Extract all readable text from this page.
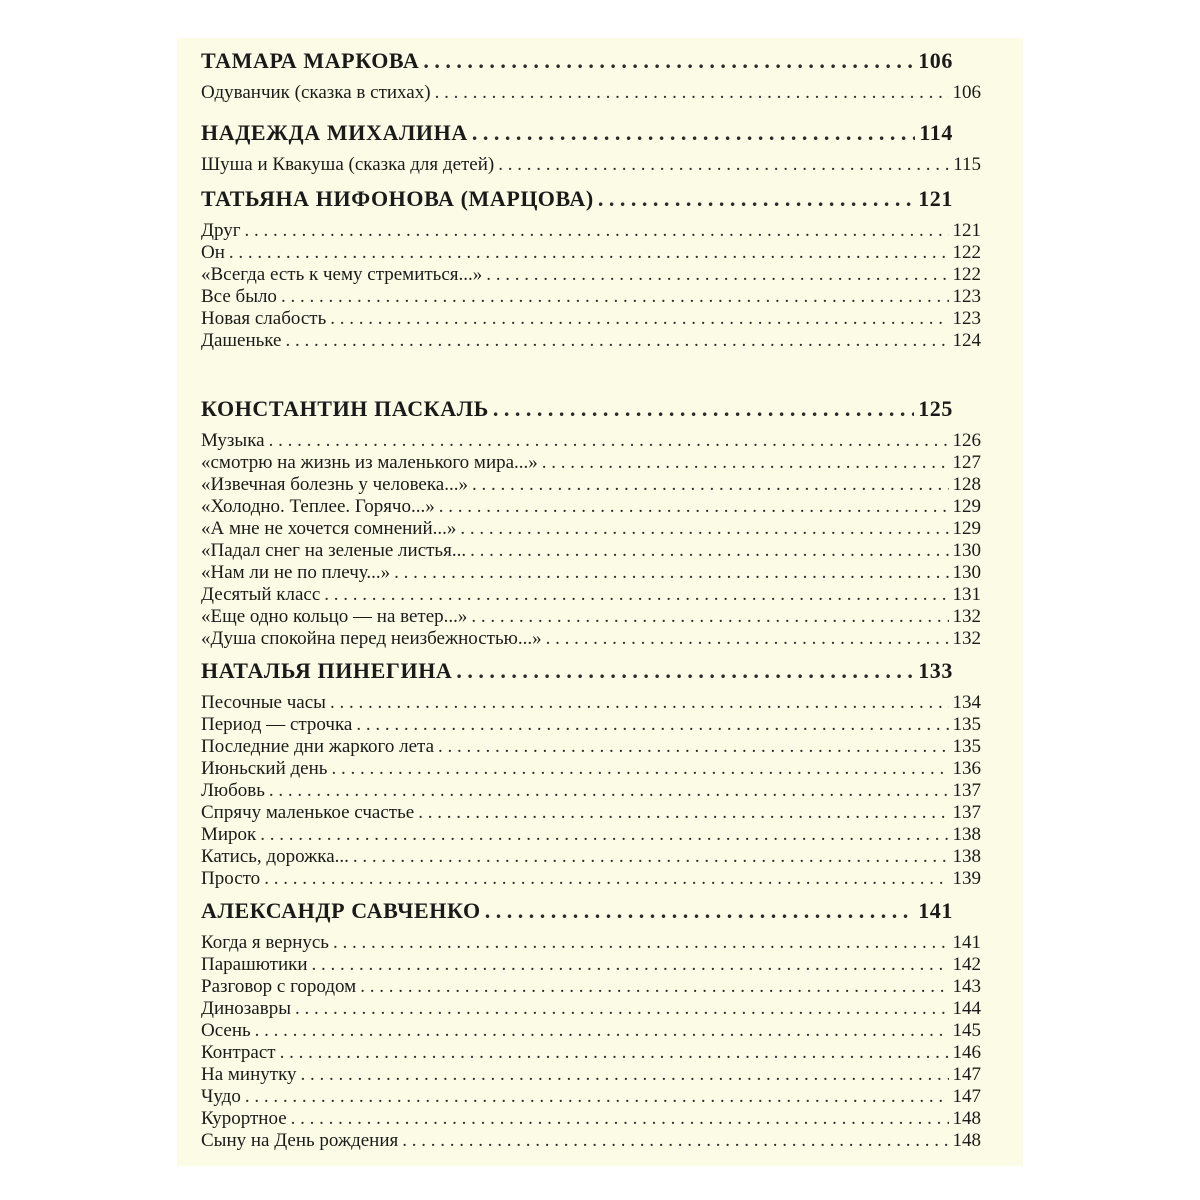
ТАМАРА МАРКОВА . . .	106
Одуванчик (сказка в стихах) . . .	106
НАДЕЖДА МИХАЛИНА . . .	114
Шуша и Квакуша (сказка для детей) . . .	115
ТАТЬЯНА НИФОНОВА (МАРЦОВА) . . .	121
Друг . . .	121
Он . . .	122
«Всегда есть к чему стремиться...» . . .	122
Все было . . .	123
Новая слабость . . .	123
Дашеньке . . .	124
КОНСТАНТИН ПАСКАЛЬ . . .	125
Музыка . . .	126
«смотрю на жизнь из маленького мира...» . . .	127
«Извечная болезнь у человека...» . . .	128
«Холодно. Теплее. Горячо...» . . .	129
«А мне не хочется сомнений...» . . .	129
«Падал снег на зеленые листья... . . .	130
«Нам ли не по плечу...» . . .	130
Десятый класс . . .	131
«Еще одно кольцо — на ветер...» . . .	132
«Душа спокойна перед неизбежностью...» . . .	132
НАТАЛЬЯ ПИНЕГИНА . . .	133
Песочные часы . . .	134
Период — строчка . . .	135
Последние дни жаркого лета . . .	135
Июньский день . . .	136
Любовь . . .	137
Спрячу маленькое счастье . . .	137
Мирок . . .	138
Катись, дорожка... . . .	138
Просто . . .	139
АЛЕКСАНДР САВЧЕНКО . . .	141
Когда я вернусь . . .	141
Парашютики . . .	142
Разговор с городом . . .	143
Динозавры . . .	144
Осень . . .	145
Контраст . . .	146
На минутку . . .	147
Чудо . . .	147
Курортное . . .	148
Сыну на День рождения . . .	148
